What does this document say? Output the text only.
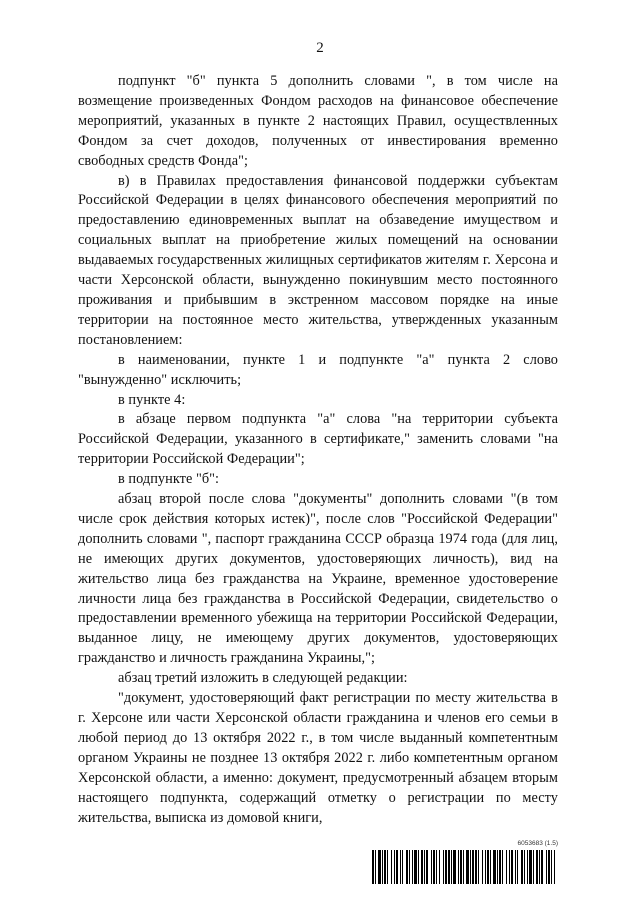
2

подпункт "б" пункта 5 дополнить словами ", в том числе на возмещение произведенных Фондом расходов на финансовое обеспечение мероприятий, указанных в пункте 2 настоящих Правил, осуществленных Фондом за счет доходов, полученных от инвестирования временно свободных средств Фонда";

в) в Правилах предоставления финансовой поддержки субъектам Российской Федерации в целях финансового обеспечения мероприятий по предоставлению единовременных выплат на обзаведение имуществом и социальных выплат на приобретение жилых помещений на основании выдаваемых государственных жилищных сертификатов жителям г. Херсона и части Херсонской области, вынужденно покинувшим место постоянного проживания и прибывшим в экстренном массовом порядке на иные территории на постоянное место жительства, утвержденных указанным постановлением:

в наименовании, пункте 1 и подпункте "а" пункта 2 слово "вынужденно" исключить;

в пункте 4:

в абзаце первом подпункта "а" слова "на территории субъекта Российской Федерации, указанного в сертификате," заменить словами "на территории Российской Федерации";

в подпункте "б":

абзац второй после слова "документы" дополнить словами "(в том числе срок действия которых истек)", после слов "Российской Федерации" дополнить словами ", паспорт гражданина СССР образца 1974 года (для лиц, не имеющих других документов, удостоверяющих личность), вид на жительство лица без гражданства на Украине, временное удостоверение личности лица без гражданства в Российской Федерации, свидетельство о предоставлении временного убежища на территории Российской Федерации, выданное лицу, не имеющему других документов, удостоверяющих гражданство и личность гражданина Украины,";

абзац третий изложить в следующей редакции:

"документ, удостоверяющий факт регистрации по месту жительства в г. Херсоне или части Херсонской области гражданина и членов его семьи в любой период до 13 октября 2022 г., в том числе выданный компетентным органом Украины не позднее 13 октября 2022 г. либо компетентным органом Херсонской области, а именно: документ, предусмотренный абзацем вторым настоящего подпункта, содержащий отметку о регистрации по месту жительства, выписка из домовой книги,

6053683 (1.5)
